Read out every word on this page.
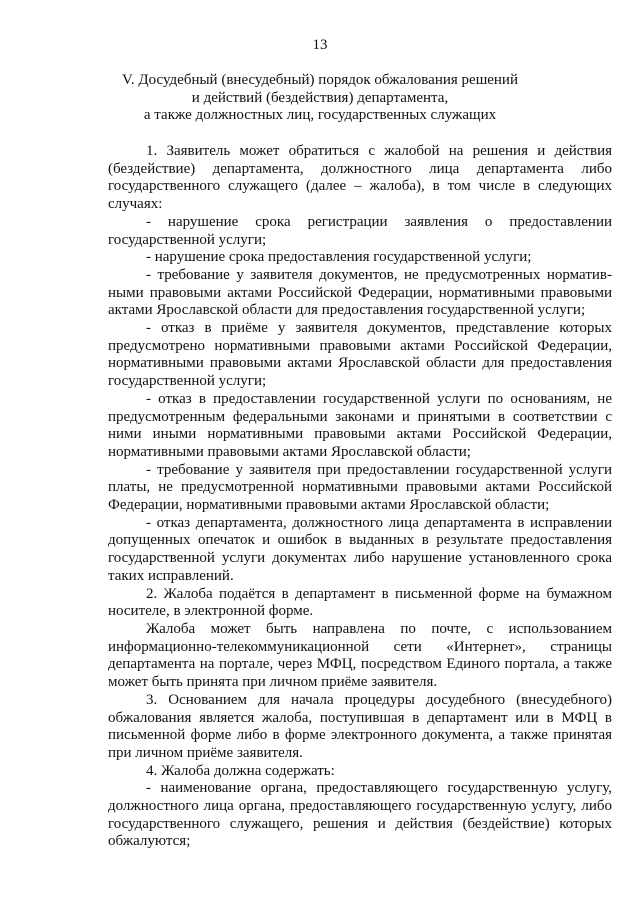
13
V. Досудебный (внесудебный) порядок обжалования решений
и действий (бездействия) департамента,
а также должностных лиц, государственных служащих

1. Заявитель может обратиться с жалобой на решения и действия (бездействие) департамента, должностного лица департамента либо государственного служащего (далее – жалоба), в том числе в следующих случаях:

- нарушение срока регистрации заявления о предоставлении государственной услуги;

- нарушение срока предоставления государственной услуги;

- требование у заявителя документов, не предусмотренных нормативными правовыми актами Российской Федерации, нормативными правовыми актами Ярославской области для предоставления государственной услуги;

- отказ в приёме у заявителя документов, представление которых предусмотрено нормативными правовыми актами Российской Федерации, нормативными правовыми актами Ярославской области для предоставления государственной услуги;

- отказ в предоставлении государственной услуги по основаниям, не предусмотренным федеральными законами и принятыми в соответствии с ними иными нормативными правовыми актами Российской Федерации, нормативными правовыми актами Ярославской области;

- требование у заявителя при предоставлении государственной услуги платы, не предусмотренной нормативными правовыми актами Российской Федерации, нормативными правовыми актами Ярославской области;

- отказ департамента, должностного лица департамента в исправлении допущенных опечаток и ошибок в выданных в результате предоставления государственной услуги документах либо нарушение установленного срока таких исправлений.

2. Жалоба подаётся в департамент в письменной форме на бумажном носителе, в электронной форме.

Жалоба может быть направлена по почте, с использованием информационно-телекоммуникационной сети «Интернет», страницы департамента на портале, через МФЦ, посредством Единого портала, а также может быть принята при личном приёме заявителя.

3. Основанием для начала процедуры досудебного (внесудебного) обжалования является жалоба, поступившая в департамент или в МФЦ в письменной форме либо в форме электронного документа, а также принятая при личном приёме заявителя.

4. Жалоба должна содержать:

- наименование органа, предоставляющего государственную услугу, должностного лица органа, предоставляющего государственную услугу, либо государственного служащего, решения и действия (бездействие) которых обжалуются;
